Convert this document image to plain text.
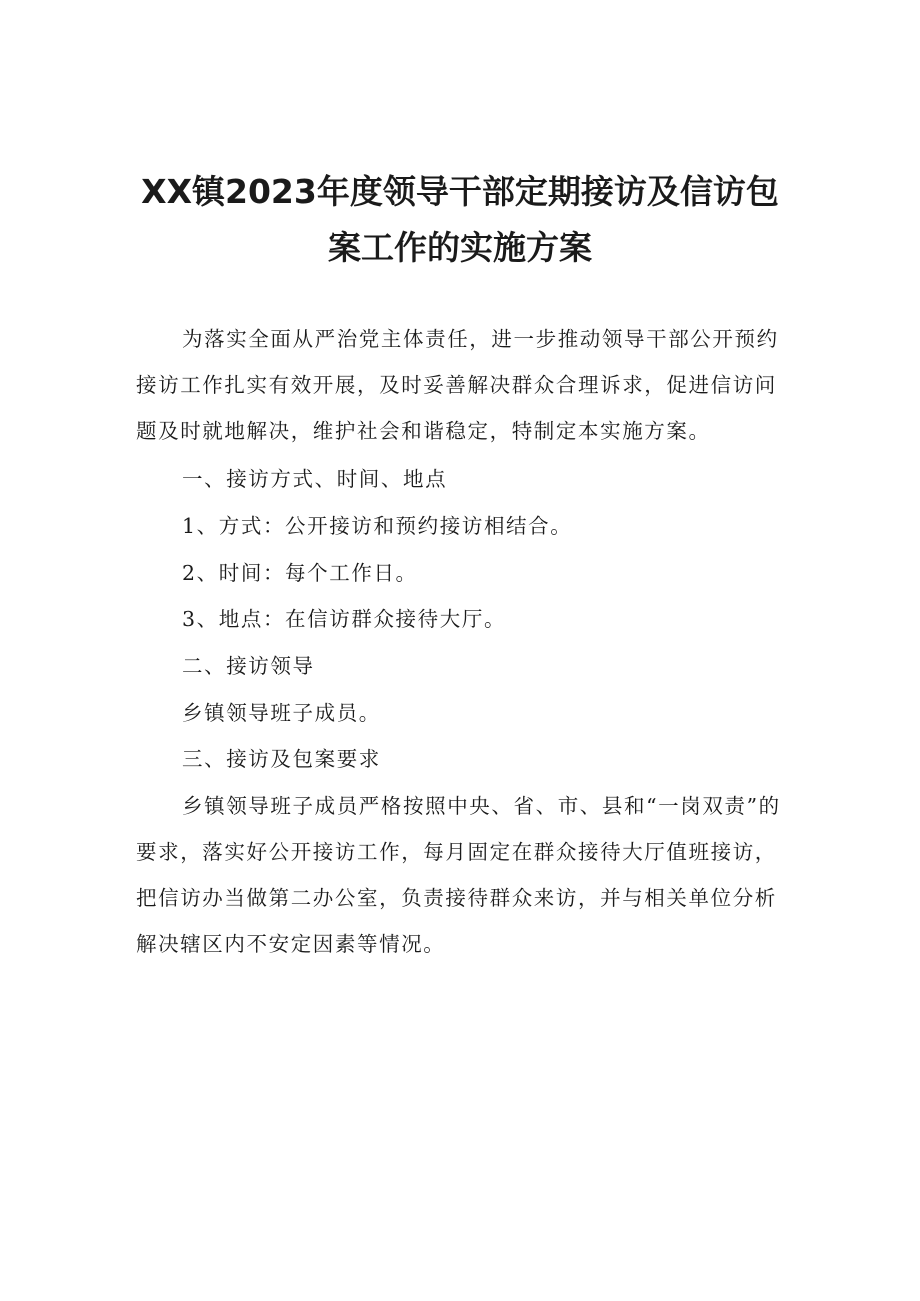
XX镇2023年度领导干部定期接访及信访包
案工作的实施方案

为落实全面从严治党主体责任，进一步推动领导干部公开预约接访工作扎实有效开展，及时妥善解决群众合理诉求，促进信访问题及时就地解决，维护社会和谐稳定，特制定本实施方案。

一、接访方式、时间、地点

1、方式：公开接访和预约接访相结合。

2、时间：每个工作日。

3、地点：在信访群众接待大厅。

二、接访领导

乡镇领导班子成员。

三、接访及包案要求

乡镇领导班子成员严格按照中央、省、市、县和“一岗双责”的要求，落实好公开接访工作，每月固定在群众接待大厅值班接访，把信访办当做第二办公室，负责接待群众来访，并与相关单位分析解决辖区内不安定因素等情况。
